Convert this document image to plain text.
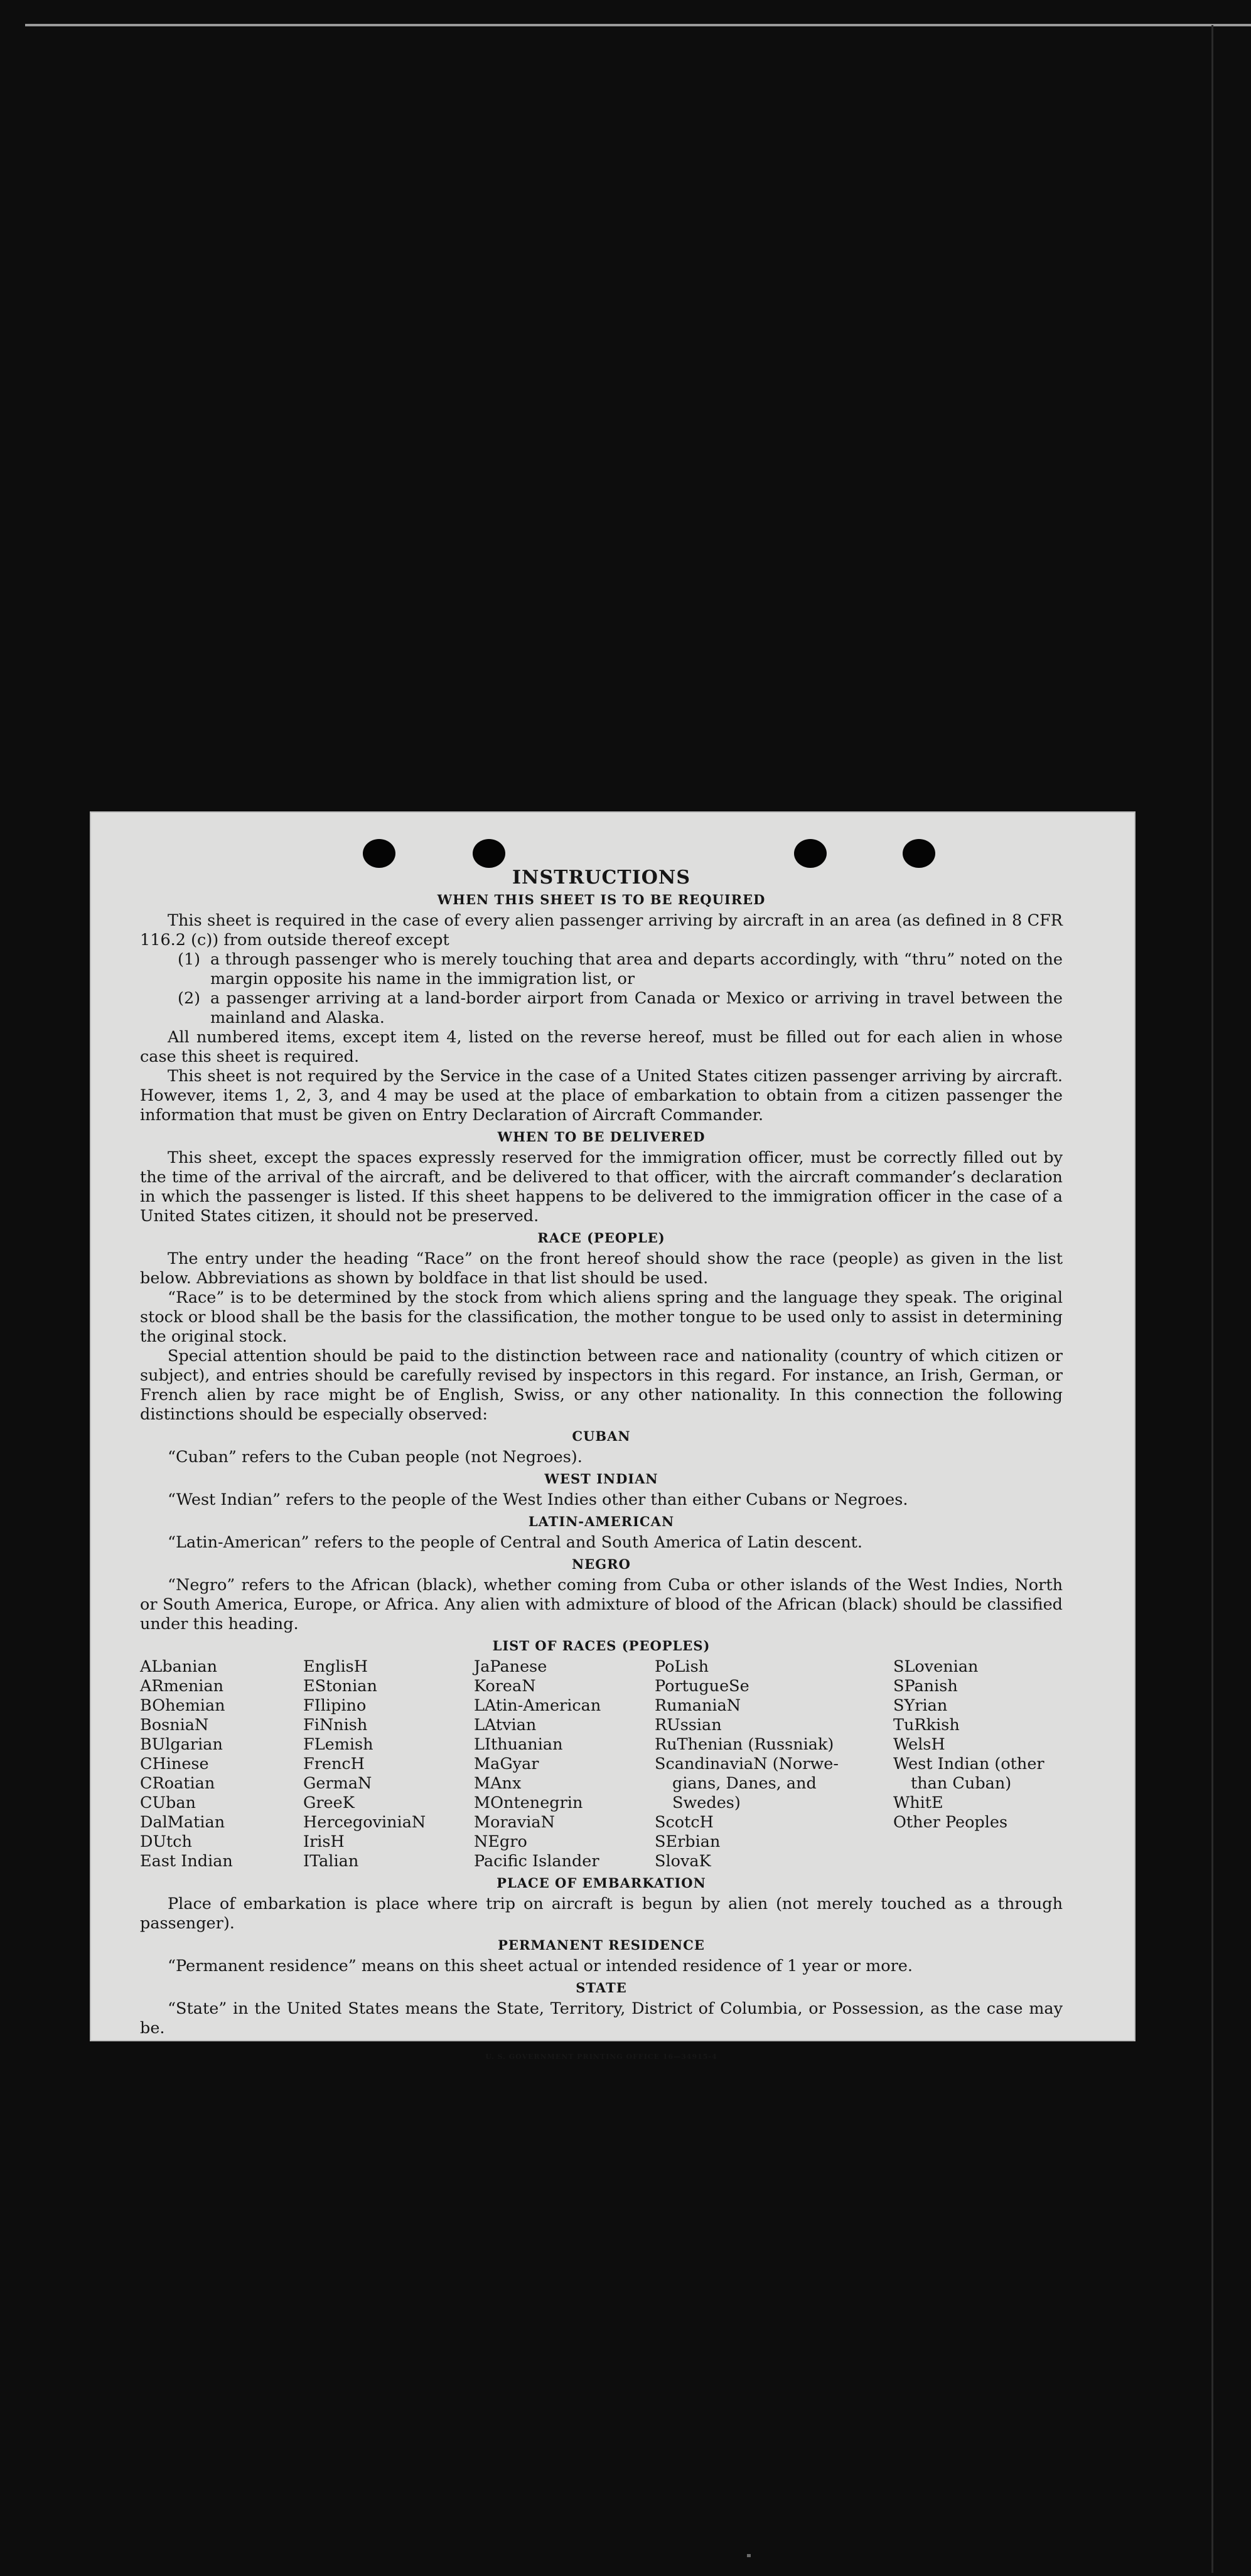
INSTRUCTIONS
WHEN THIS SHEET IS TO BE REQUIRED

This sheet is required in the case of every alien passenger arriving by aircraft in an area (as defined in 8 CFR 116.2 (c)) from outside thereof except

(1) a through passenger who is merely touching that area and departs accordingly, with “thru” noted on the margin opposite his name in the immigration list, or
(2) a passenger arriving at a land-border airport from Canada or Mexico or arriving in travel between the mainland and Alaska.

All numbered items, except item 4, listed on the reverse hereof, must be filled out for each alien in whose case this sheet is required.

This sheet is not required by the Service in the case of a United States citizen passenger arriving by aircraft. However, items 1, 2, 3, and 4 may be used at the place of embarkation to obtain from a citizen passenger the information that must be given on Entry Declaration of Aircraft Commander.

WHEN TO BE DELIVERED

This sheet, except the spaces expressly reserved for the immigration officer, must be correctly filled out by the time of the arrival of the aircraft, and be delivered to that officer, with the aircraft commander’s declaration in which the passenger is listed. If this sheet happens to be delivered to the immigration officer in the case of a United States citizen, it should not be preserved.

RACE (PEOPLE)

The entry under the heading “Race” on the front hereof should show the race (people) as given in the list below. Abbreviations as shown by boldface in that list should be used.

“Race” is to be determined by the stock from which aliens spring and the language they speak. The original stock or blood shall be the basis for the classification, the mother tongue to be used only to assist in determining the original stock.

Special attention should be paid to the distinction between race and nationality (country of which citizen or subject), and entries should be carefully revised by inspectors in this regard. For instance, an Irish, German, or French alien by race might be of English, Swiss, or any other nationality. In this connection the following distinctions should be especially observed:

CUBAN

“Cuban” refers to the Cuban people (not Negroes).

WEST INDIAN

“West Indian” refers to the people of the West Indies other than either Cubans or Negroes.

LATIN-AMERICAN

“Latin-American” refers to the people of Central and South America of Latin descent.

NEGRO

“Negro” refers to the African (black), whether coming from Cuba or other islands of the West Indies, North or South America, Europe, or Africa. Any alien with admixture of blood of the African (black) should be classified under this heading.

LIST OF RACES (PEOPLES)
ALbanian
ARmenian
BOhemian
BosniaN
BUlgarian
CHinese
CRoatian
CUban
DalMatian
DUtch
East Indian
EnglisH
EStonian
FIlipino
FiNnish
FLemish
FrencH
GermaN
GreeK
HercegoviniaN
IrisH
ITalian
JaPanese
KoreaN
LAtin-American
LAtvian
LIthuanian
MaGyar
MAnx
MOntenegrin
MoraviaN
NEgro
Pacific Islander
PoLish
PortugueSe
RumaniaN
RUssian
RuThenian (Russniak)
ScandinaviaN (Norwe-
gians, Danes, and
Swedes)
ScotcH
SErbian
SlovaK
SLovenian
SPanish
SYrian
TuRkish
WelsH
West Indian (other
than Cuban)
WhitE
Other Peoples
PLACE OF EMBARKATION

Place of embarkation is place where trip on aircraft is begun by alien (not merely touched as a through passenger).

PERMANENT RESIDENCE

“Permanent residence” means on this sheet actual or intended residence of 1 year or more.

STATE

“State” in the United States means the State, Territory, District of Columbia, or Possession, as the case may be.

U. S. GOVERNMENT PRINTING OFFICE 16—34915-4
